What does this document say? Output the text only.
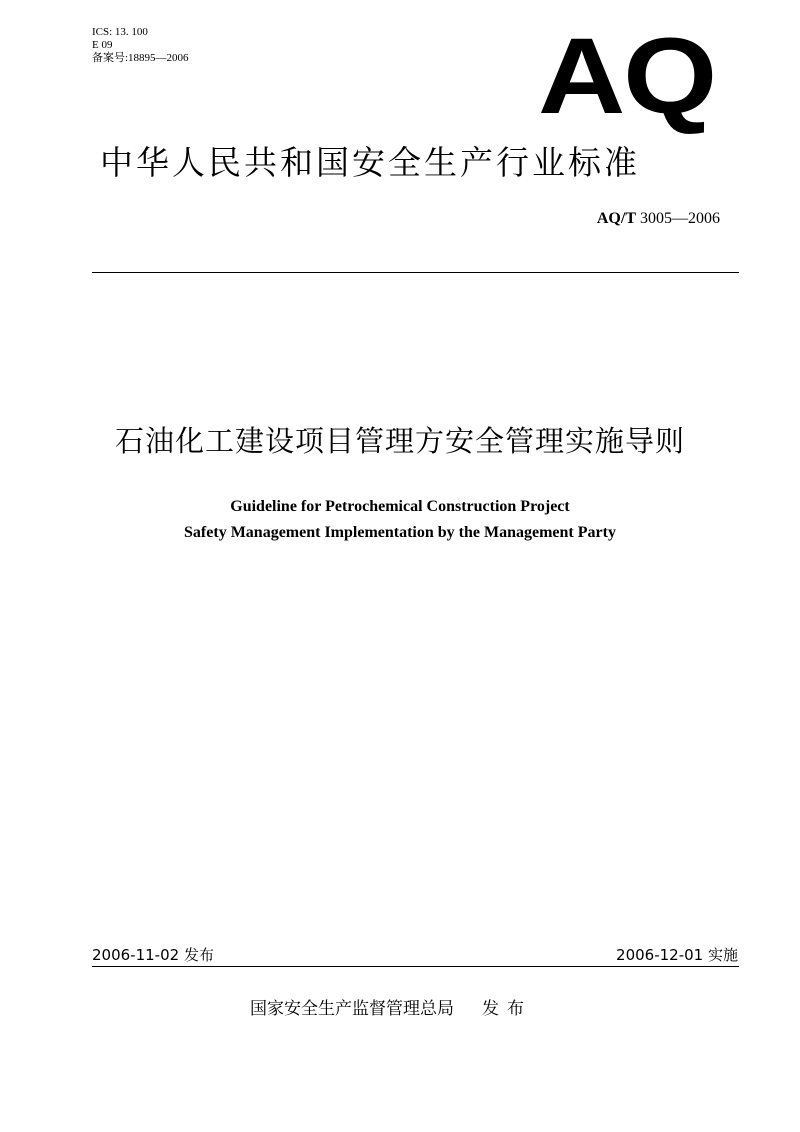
ICS: 13. 100
E 09
备案号:18895—2006	AQ
中华人民共和国安全生产行业标准
AQ/T 3005—2006
石油化工建设项目管理方安全管理实施导则
Guideline for Petrochemical Construction Project
Safety Management Implementation by the Management Party
2006-11-02 发布	2006-12-01 实施
国家安全生产监督管理总局 发布
